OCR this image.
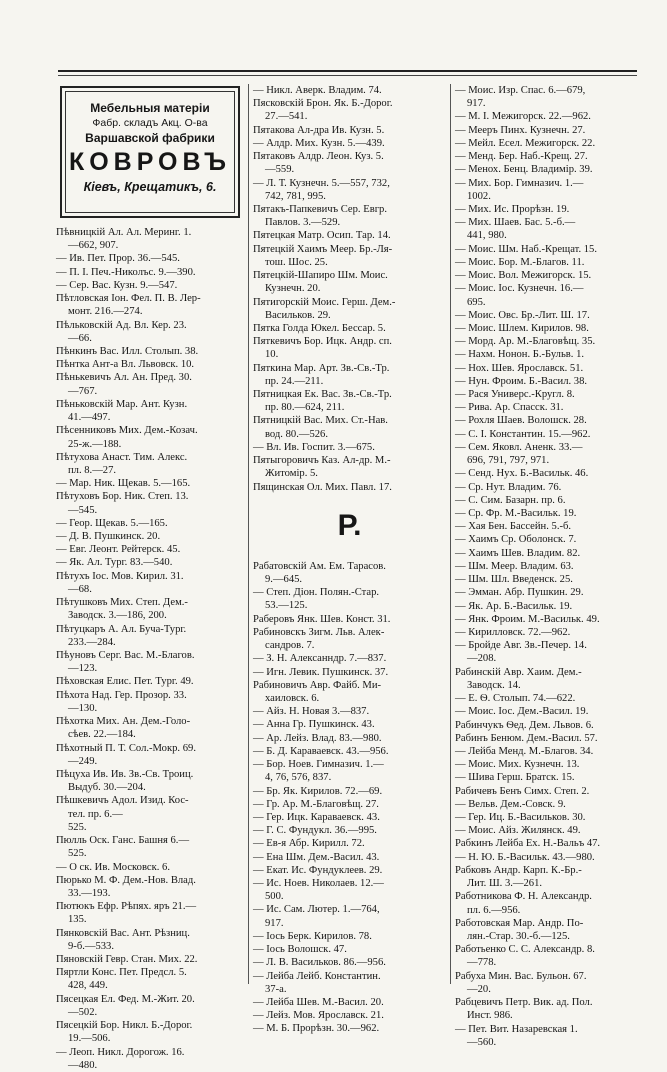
Мебельныя матеріи
Фабр. складъ Акц. О-ва
Варшавской фабрики
КОВРОВЪ
Кіевъ, Крещатикъ, 6.
Пѣвницкій Ал. Ал. Меринг. 1.
—662, 907.
— Ив. Пет. Прор. 36.—545.
— П. І. Печ.-Николъс. 9.—390.
— Сер. Вас. Кузн. 9.—547.
Пѣтловская Іон. Фел. П. В. Лер-
монт. 216.—274.
Пѣльковскій Ад. Вл. Кер. 23.
—66.
Пѣнкинъ Вас. Илл. Столып. 38.
Пѣнтка Ант-а Вл. Львовск. 10.
Пѣнькевичъ Ал. Ан. Пред. 30.
—767.
Пѣньковскій Мар. Ант. Кузн.
41.—497.
Пѣсенниковъ Мих. Дем.-Козач.
25-ж.—188.
Пѣтухова Анаст. Тим. Алекс.
пл. 8.—27.
— Мар. Ник. Щекав. 5.—165.
Пѣтуховъ Бор. Ник. Степ. 13.
—545.
— Геор. Щекав. 5.—165.
— Д. В. Пушкинск. 20.
— Евг. Леонт. Рейтерск. 45.
— Як. Ал. Тург. 83.—540.
Пѣтухъ Іос. Мов. Кирил. 31.
—68.
Пѣтушковъ Мих. Степ. Дем.-
Заводск. 3.—186, 200.
Пѣтуцкаръ А. Ал. Буча-Тург.
233.—284.
Пѣуновъ Серг. Вас. М.-Благов.
—123.
Пѣховская Елис. Пет. Тург. 49.
Пѣхота Над. Гер. Прозор. 33.
—130.
Пѣхотка Мих. Ан. Дем.-Голо-
сѣев. 22.—184.
Пѣхотный П. Т. Сол.-Мокр. 69.
—249.
Пѣцуха Ив. Ив. Зв.-Св. Троиц.
Выдуб. 30.—204.
Пѣшкевичъ Адол. Изид. Кос-
тел. пр. 6.—
525.
Пюлль Оск. Ганс. Башня 6.—
525.
— О ск. Ив. Московск. 6.
Пюрько М. Ф. Дем.-Нов. Влад.
33.—193.
Пютюкъ Ефр. Рѣпях. яръ 21.—
135.
Пянковскій Вас. Ант. Рѣзниц.
9-б.—533.
Пяновскій Гевр. Стан. Мих. 22.
Пяртли Конс. Пет. Предсл. 5.
428, 449.
Пясецкая Ел. Фед. М.-Жит. 20.
—502.
Пясецкій Бор. Никл. Б.-Дорог.
19.—506.
— Леоп. Никл. Дорогож. 16.
—480.
— Никл. Аверк. Владим. 74.
Пясковскій Брон. Як. Б.-Дорог.
27.—541.
Пятакова Ал-дра Ив. Кузн. 5.
— Алдр. Мих. Кузн. 5.—439.
Пятаковъ Алдр. Леон. Куз. 5.
—559.
— Л. Т. Кузнечн. 5.—557, 732,
742, 781, 995.
Пятакъ-Папкевичъ Сер. Евгр.
Павлов. 3.—529.
Пятецкая Матр. Осип. Тар. 14.
Пятецкій Хаимъ Меер. Бр.-Ля-
тош. Шос. 25.
Пятецкій-Шапиро Шм. Моис.
Кузнечн. 20.
Пятигорскій Моис. Герш. Дем.-
Васильков. 29.
Пятка Голда Юкел. Бессар. 5.
Пяткевичъ Бор. Ицк. Андр. сп.
10.
Пяткина Мар. Арт. Зв.-Св.-Тр.
пр. 24.—211.
Пятницкая Ек. Вас. Зв.-Св.-Тр.
пр. 80.—624, 211.
Пятницкій Вас. Мих. Ст.-Нав.
вод. 80.—526.
— Вл. Ив. Госпит. 3.—675.
Пятыгоровичъ Каз. Ал-др. М.-
Житомір. 5.
Пящинская Ол. Мих. Павл. 17.
Р.
Рабатовскій Ам. Ем. Тарасов.
9.—645.
— Степ. Діон. Полян.-Стар.
53.—125.
Раберовъ Янк. Шев. Конст. 31.
Рабиновскъ Зигм. Льв. Алек-
сандров. 7.
— З. Н. Алексанндр. 7.—837.
— Игн. Левик. Пушкинск. 37.
Рабиновичъ Авр. Файб. Ми-
хаиловск. 6.
— Айз. Н. Новая 3.—837.
— Анна Гр. Пушкинск. 43.
— Ар. Лейз. Влад. 83.—980.
— Б. Д. Караваевск. 43.—956.
— Бор. Ноев. Гимназич. 1.—
4, 76, 576, 837.
— Бр. Як. Кирилов. 72.—69.
— Гр. Ар. М.-Благовѣщ. 27.
— Гер. Ицк. Караваевск. 43.
— Г. С. Фундукл. 36.—995.
— Ев-я Абр. Кирилл. 72.
— Ена Шм. Дем.-Васил. 43.
— Екат. Ис. Фундуклеев. 29.
— Ис. Ноев. Николаев. 12.—
500.
— Ис. Сам. Лютер. 1.—764,
917.
— Іось Берк. Кирилов. 78.
— Іось Волошск. 47.
— Л. В. Васильков. 86.—956.
— Лейба Лейб. Константин.
37-а.
— Лейба Шев. М.-Васил. 20.
— Лейз. Мов. Ярославск. 21.
— М. Б. Прорѣзн. 30.—962.
— Моис. Изр. Спас. 6.—679,
917.
— М. І. Межигорск. 22.—962.
— Мееръ Пинх. Кузнечн. 27.
— Мейл. Есел. Межигорск. 22.
— Менд. Бер. Наб.-Крещ. 27.
— Менох. Бенц. Владимір. 39.
— Мих. Бор. Гимназич. 1.—
1002.
— Мих. Ис. Прорѣзн. 19.
— Мих. Шаев. Бас. 5.-б.—
441, 980.
— Моис. Шм. Наб.-Крещат. 15.
— Моис. Бор. М.-Благов. 11.
— Моис. Вол. Межигорск. 15.
— Моис. Іос. Кузнечн. 16.—
695.
— Моис. Овс. Бр.-Лит. Ш. 17.
— Моис. Шлем. Кирилов. 98.
— Морд. Ар. М.-Благовѣщ. 35.
— Нахм. Нонон. Б.-Бульв. 1.
— Нох. Шев. Ярославск. 51.
— Нун. Фроим. Б.-Васил. 38.
— Рася Универс.-Кругл. 8.
— Рива. Ар. Спасск. 31.
— Рохля Шаев. Волошск. 28.
— С. І. Константин. 15.—962.
— Сем. Яковл. Аненк. 33.—
696, 791, 797, 971.
— Сенд. Нух. Б.-Васильк. 46.
— Ср. Нут. Владим. 76.
— С. Сим. Базарн. пр. 6.
— Ср. Фр. М.-Васильк. 19.
— Хая Бен. Бассейн. 5.-б.
— Хаимъ Ср. Оболонск. 7.
— Хаимъ Шев. Владим. 82.
— Шм. Меер. Владим. 63.
— Шм. Шл. Введенск. 25.
— Эмман. Абр. Пушкин. 29.
— Як. Ар. Б.-Васильк. 19.
— Янк. Фроим. М.-Васильк. 49.
— Кирилловск. 72.—962.
— Бройде Авг. Зв.-Печер. 14.
—208.
Рабинскій Авр. Хаим. Дем.-
Заводск. 14.
— Е. Ѳ. Столып. 74.—622.
— Моис. Іос. Дем.-Васил. 19.
Рабинчукъ Ѳед. Дем. Львов. 6.
Рабинъ Бенюм. Дем.-Васил. 57.
— Лейба Менд. М.-Благов. 34.
— Моис. Мих. Кузнечн. 13.
— Шива Герш. Братск. 15.
Рабичевъ Бенъ Симх. Степ. 2.
— Вельв. Дем.-Совск. 9.
— Гер. Иц. Б.-Васильков. 30.
— Моис. Айз. Жилянск. 49.
Рабкинъ Лейба Ех. Н.-Вальъ 47.
— Н. Ю. Б.-Васильк. 43.—980.
Рабковъ Андр. Карп. К.-Бр.-
Лит. Ш. 3.—261.
Работникова Ф. Н. Александр.
пл. 6.—956.
Работовская Мар. Андр. По-
лян.-Стар. 30.-б.—125.
Работьенко С. С. Александр. 8.
—778.
Рабуха Мин. Вас. Бульон. 67.
—20.
Рабцевичъ Петр. Вик. ад. Пол.
Инст. 986.
— Пет. Вит. Назаревская 1.
—560.
